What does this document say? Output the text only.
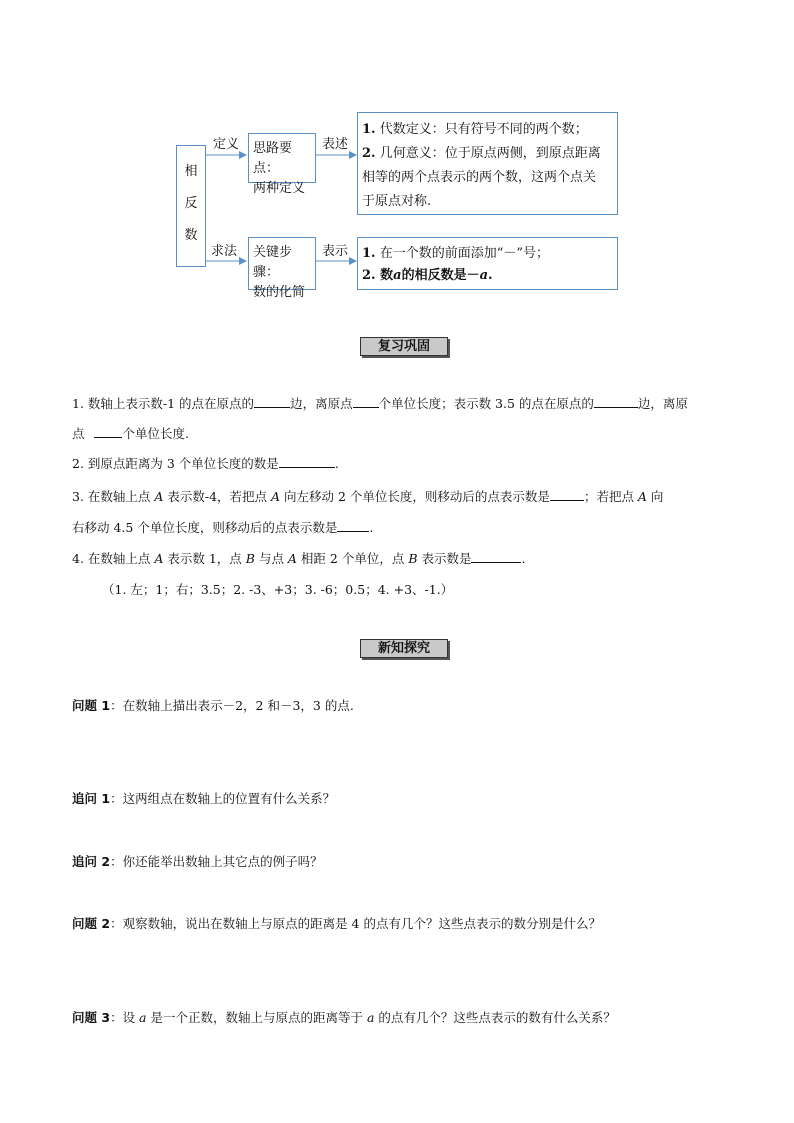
相
反
数
定义
求法
思路要点：
两种定义
关键步骤：
数的化简
表述
表示
1. 代数定义：只有符号不同的两个数；
2. 几何意义：位于原点两侧，到原点距离
相等的两个点表示的两个数，这两个点关
于原点对称.
1. 在一个数的前面添加“－”号；
2. 数a的相反数是－a.
复习巩固
1. 数轴上表示数-1 的点在原点的	边，离原点 个单位长度；表示数 3.5 的点在原点的	边，离原
点	个单位长度.
2. 到原点距离为 3 个单位长度的数是	.
3. 在数轴上点 A 表示数-4，若把点 A 向左移动 2 个单位长度，则移动后的点表示数是	；若把点 A 向
右移动 4.5 个单位长度，则移动后的点表示数是	.
4. 在数轴上点 A 表示数 1，点 B 与点 A 相距 2 个单位，点 B 表示数是	.
（1. 左；1；右；3.5；2. -3、+3；3. -6；0.5；4. +3、-1.）
新知探究
问题 1：在数轴上描出表示－2，2 和－3，3 的点.
追问 1：这两组点在数轴上的位置有什么关系？
追问 2：你还能举出数轴上其它点的例子吗？
问题 2：观察数轴，说出在数轴上与原点的距离是 4 的点有几个？这些点表示的数分别是什么？
问题 3：设 a 是一个正数，数轴上与原点的距离等于 a 的点有几个？这些点表示的数有什么关系？
